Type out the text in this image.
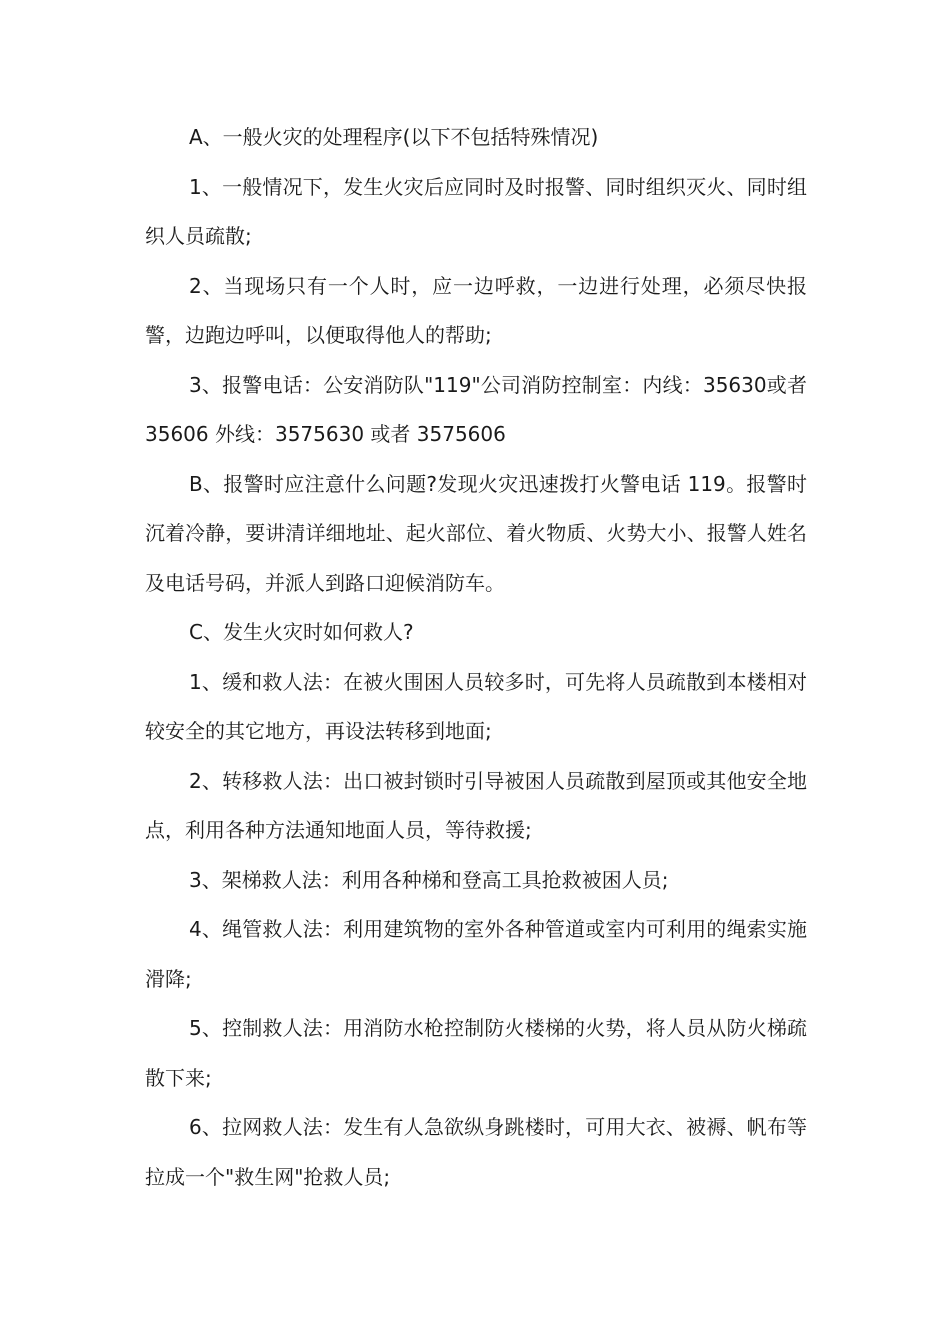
A、一般火灾的处理程序(以下不包括特殊情况)

1、一般情况下，发生火灾后应同时及时报警、同时组织灭火、同时组织人员疏散;

2、当现场只有一个人时，应一边呼救，一边进行处理，必须尽快报警，边跑边呼叫，以便取得他人的帮助;

3、报警电话：公安消防队"119"公司消防控制室：内线：35630或者 35606 外线：3575630 或者 3575606

B、报警时应注意什么问题?发现火灾迅速拨打火警电话 119。报警时沉着冷静，要讲清详细地址、起火部位、着火物质、火势大小、报警人姓名及电话号码，并派人到路口迎候消防车。

C、发生火灾时如何救人?

1、缓和救人法：在被火围困人员较多时，可先将人员疏散到本楼相对较安全的其它地方，再设法转移到地面;

2、转移救人法：出口被封锁时引导被困人员疏散到屋顶或其他安全地点，利用各种方法通知地面人员，等待救援;

3、架梯救人法：利用各种梯和登高工具抢救被困人员;

4、绳管救人法：利用建筑物的室外各种管道或室内可利用的绳索实施滑降;

5、控制救人法：用消防水枪控制防火楼梯的火势，将人员从防火梯疏散下来;

6、拉网救人法：发生有人急欲纵身跳楼时，可用大衣、被褥、帆布等拉成一个"救生网"抢救人员;
